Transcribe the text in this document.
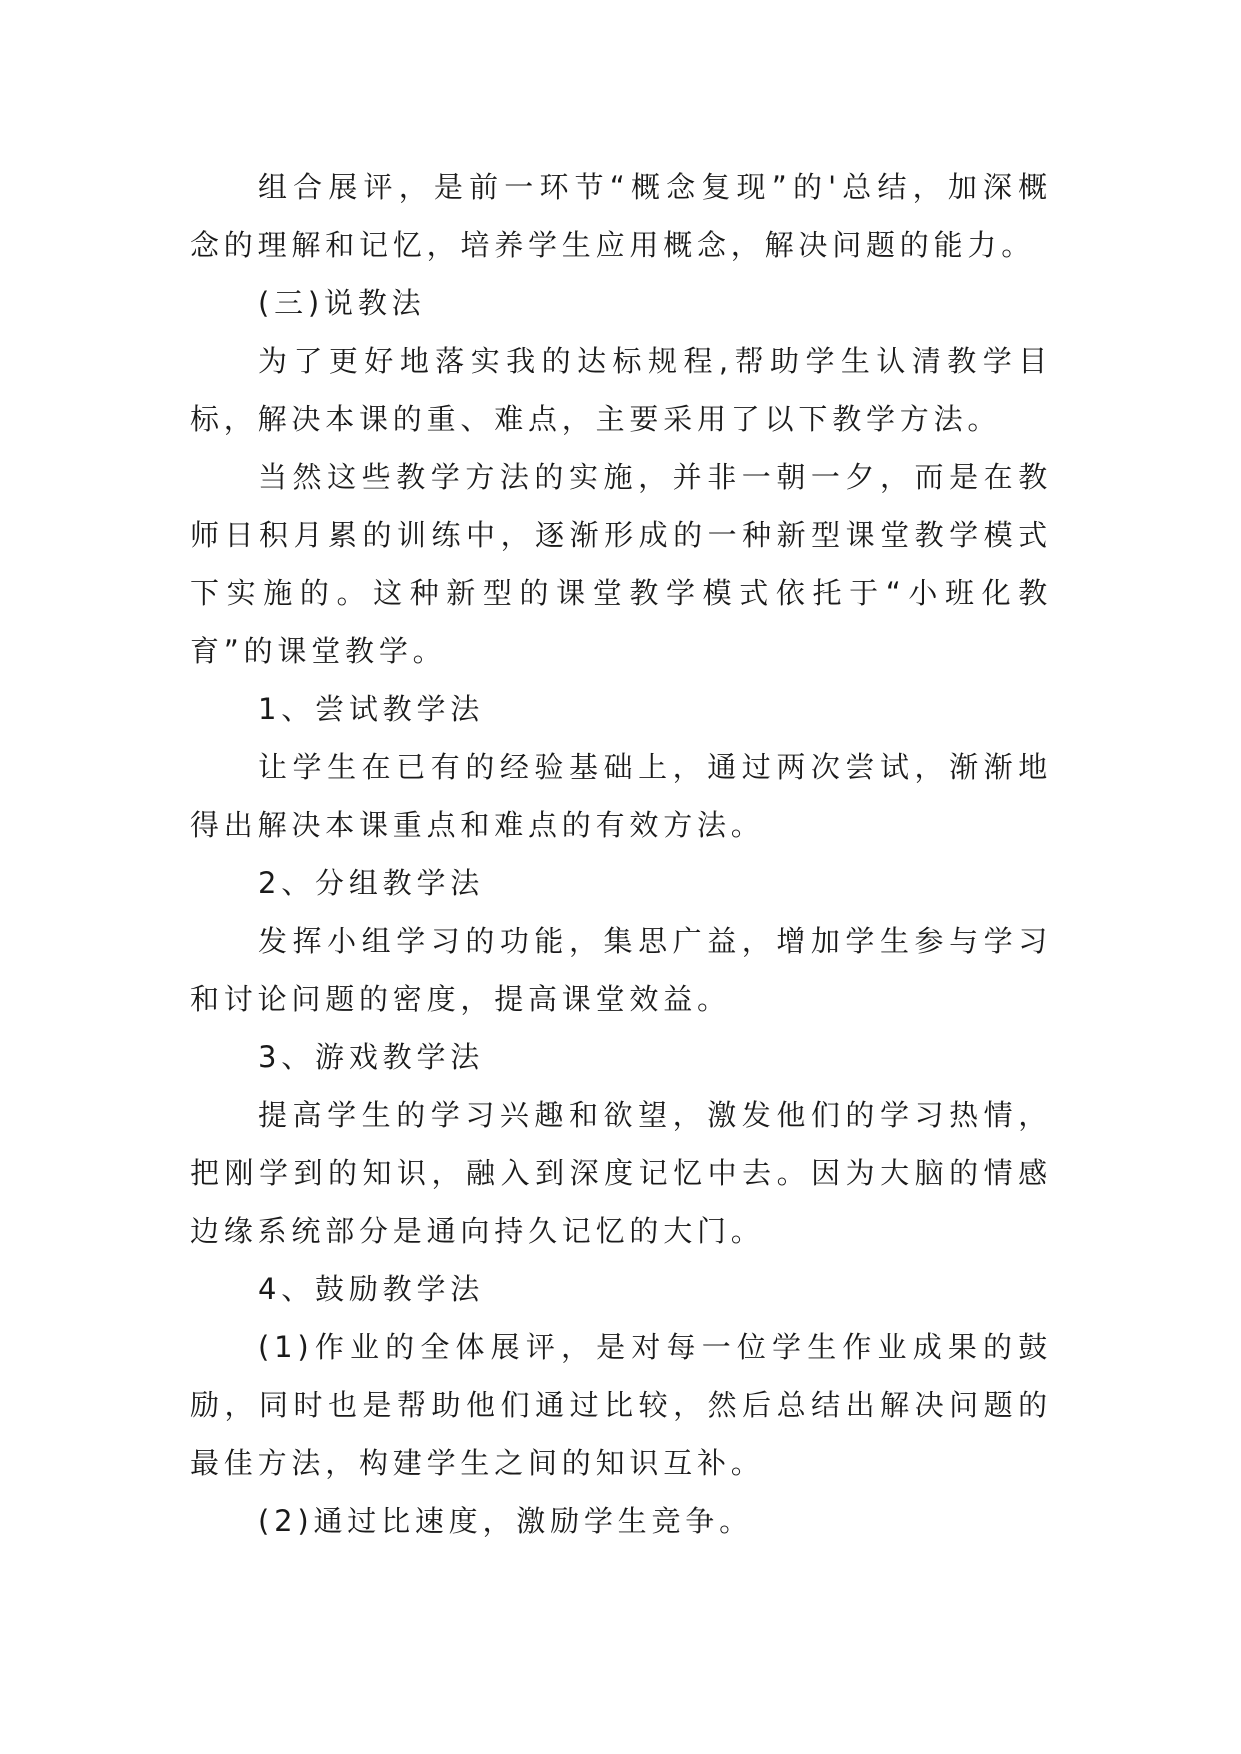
组合展评，是前一环节“概念复现”的'总结，加深概念的理解和记忆，培养学生应用概念，解决问题的能力。

(三)说教法

为了更好地落实我的达标规程,帮助学生认清教学目标，解决本课的重、难点，主要采用了以下教学方法。

当然这些教学方法的实施，并非一朝一夕，而是在教师日积月累的训练中，逐渐形成的一种新型课堂教学模式下实施的。这种新型的课堂教学模式依托于“小班化教育”的课堂教学。

1、尝试教学法

让学生在已有的经验基础上，通过两次尝试，渐渐地得出解决本课重点和难点的有效方法。

2、分组教学法

发挥小组学习的功能，集思广益，增加学生参与学习和讨论问题的密度，提高课堂效益。

3、游戏教学法

提高学生的学习兴趣和欲望，激发他们的学习热情，把刚学到的知识，融入到深度记忆中去。因为大脑的情感边缘系统部分是通向持久记忆的大门。

4、鼓励教学法

(1)作业的全体展评，是对每一位学生作业成果的鼓励，同时也是帮助他们通过比较，然后总结出解决问题的最佳方法，构建学生之间的知识互补。

(2)通过比速度，激励学生竞争。
